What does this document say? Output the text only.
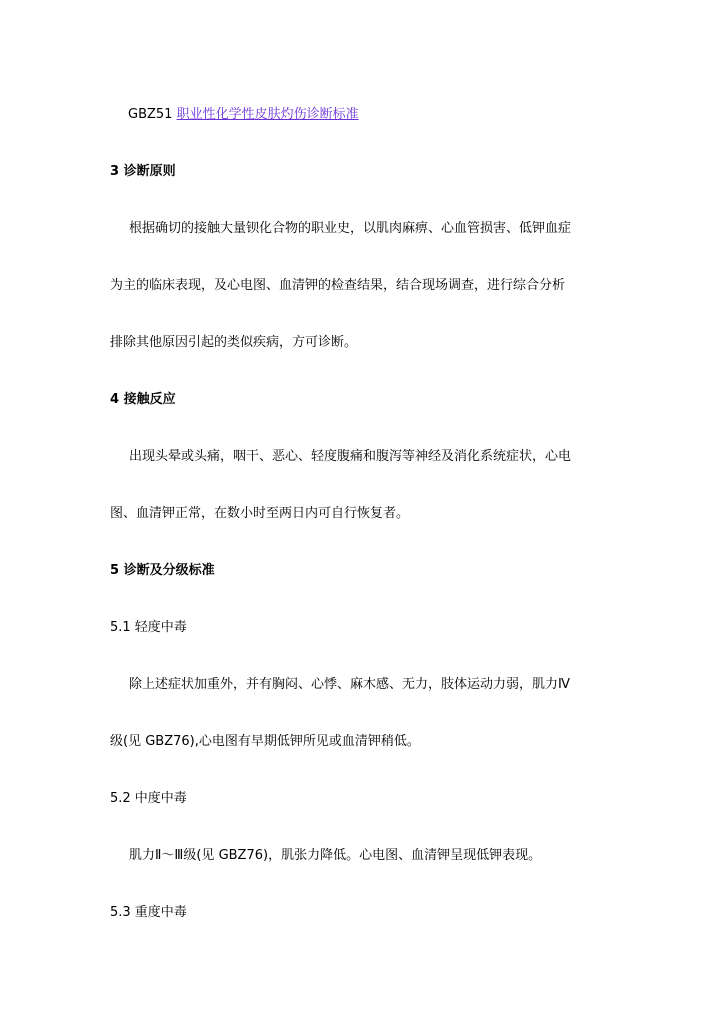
GBZ51 职业性化学性皮肤灼伤诊断标准
3 诊断原则
根据确切的接触大量钡化合物的职业史，以肌肉麻痹、心血管损害、低钾血症
为主的临床表现，及心电图、血清钾的检查结果，结合现场调查，进行综合分析
排除其他原因引起的类似疾病，方可诊断。
4 接触反应
出现头晕或头痛，咽干、恶心、轻度腹痛和腹泻等神经及消化系统症状，心电
图、血清钾正常，在数小时至两日内可自行恢复者。
5 诊断及分级标准
5.1 轻度中毒
除上述症状加重外，并有胸闷、心悸、麻木感、无力，肢体运动力弱，肌力Ⅳ
级(见 GBZ76),心电图有早期低钾所见或血清钾稍低。
5.2 中度中毒
肌力Ⅱ～Ⅲ级(见 GBZ76)，肌张力降低。心电图、血清钾呈现低钾表现。
5.3 重度中毒
